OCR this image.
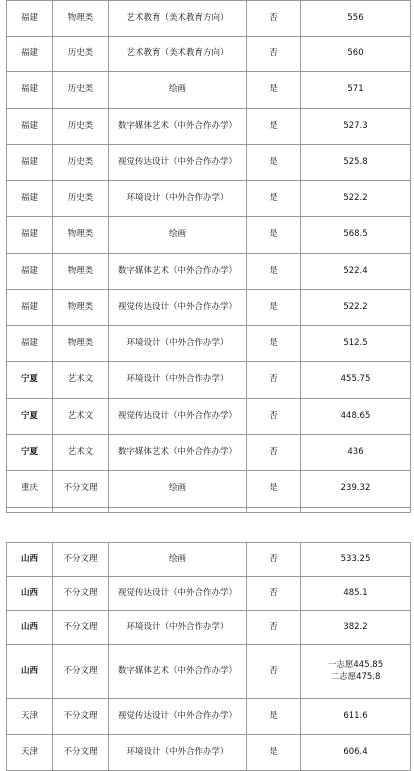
福建	物理类	艺术教育（美术教育方向）	否	556
福建	历史类	艺术教育（美术教育方向）	否	560
福建	历史类	绘画	是	571
福建	历史类	数字媒体艺术（中外合作办学）	是	527.3
福建	历史类	视觉传达设计（中外合作办学）	是	525.8
福建	历史类	环境设计（中外合作办学）	是	522.2
福建	物理类	绘画	是	568.5
福建	物理类	数字媒体艺术（中外合作办学）	是	522.4
福建	物理类	视觉传达设计（中外合作办学）	是	522.2
福建	物理类	环境设计（中外合作办学）	是	512.5
宁夏	艺术文	环境设计（中外合作办学）	否	455.75
宁夏	艺术文	视觉传达设计（中外合作办学）	否	448.65
宁夏	艺术文	数字媒体艺术（中外合作办学）	否	436
重庆	不分文理	绘画	是	239.32

山西	不分文理	绘画	否	533.25
山西	不分文理	视觉传达设计（中外合作办学）	否	485.1
山西	不分文理	环境设计（中外合作办学）	否	382.2
山西	不分文理	数字媒体艺术（中外合作办学）	否	一志愿445.85
二志愿475.8

天津	不分文理	视觉传达设计（中外合作办学）	是	611.6
天津	不分文理	环境设计（中外合作办学）	是	606.4
